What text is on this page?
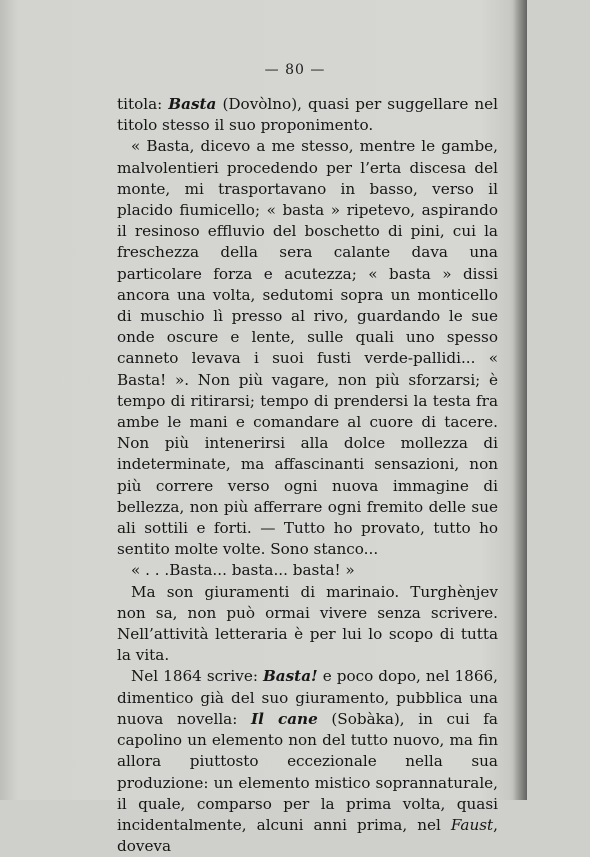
— 80 —

titola: Basta (Dovòlno), quasi per suggellare nel titolo stesso il suo proponimento.

« Basta, dicevo a me stesso, mentre le gambe, malvolentieri procedendo per l’erta discesa del monte, mi trasportavano in basso, verso il placido fiumicello; « basta » ripetevo, aspirando il resinoso effluvio del boschetto di pini, cui la freschezza della sera calante dava una particolare forza e acutezza; « basta » dissi ancora una volta, sedutomi sopra un monticello di muschio lì presso al rivo, guardando le sue onde oscure e lente, sulle quali uno spesso canneto levava i suoi fusti verde-pallidi... « Basta! ». Non più vagare, non più sforzarsi; è tempo di ritirarsi; tempo di prendersi la testa fra ambe le mani e comandare al cuore di tacere. Non più intenerirsi alla dolce mollezza di indeterminate, ma affascinanti sensazioni, non più correre verso ogni nuova immagine di bellezza, non più afferrare ogni fremito delle sue ali sottili e forti. — Tutto ho provato, tutto ho sentito molte volte. Sono stanco...

« . . .Basta... basta... basta! »

Ma son giuramenti di marinaio. Turghènjev non sa, non può ormai vivere senza scrivere. Nell’attività letteraria è per lui lo scopo di tutta la vita.

Nel 1864 scrive: Basta! e poco dopo, nel 1866, dimentico già del suo giuramento, pubblica una nuova novella: Il cane (Sobàka), in cui fa capolino un elemento non del tutto nuovo, ma fin allora piuttosto eccezionale nella sua produzione: un elemento mistico soprannaturale, il quale, comparso per la prima volta, quasi incidentalmente, alcuni anni prima, nel Faust, doveva
